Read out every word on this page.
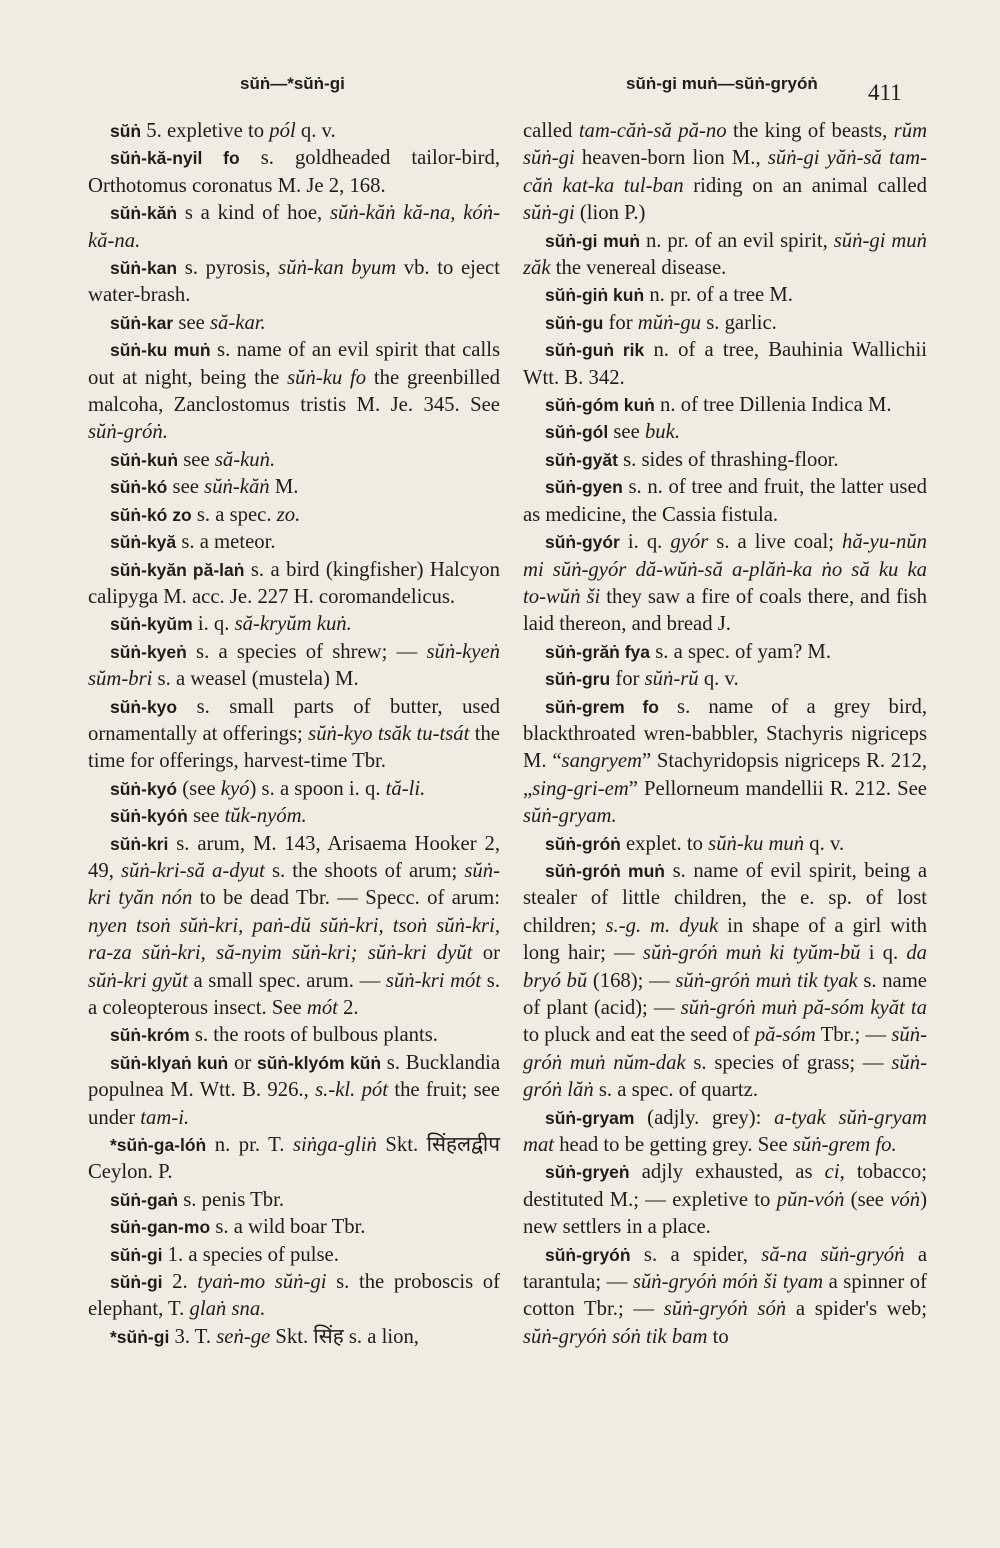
sŭṅ—*sŭṅ-gi	sŭṅ-gi muṅ—sŭṅ-gryóṅ 411

sŭṅ 5. expletive to pól q. v.

sŭṅ-kă-nyil fo s. goldheaded tailor-bird, Orthotomus coronatus M. Je 2, 168.

sŭṅ-kăṅ s a kind of hoe, sŭṅ-kăṅ kă-na, kóṅ-kă-na.

sŭṅ-kan s. pyrosis, sŭṅ-kan byum vb. to eject water-brash.

sŭṅ-kar see să-kar.

sŭṅ-ku muṅ s. name of an evil spirit that calls out at night, being the sŭṅ-ku fo the greenbilled malcoha, Zanclostomus tristis M. Je. 345. See sŭṅ-gróṅ.

sŭṅ-kuṅ see să-kuṅ.

sŭṅ-kó see sŭṅ-kăṅ M.

sŭṅ-kó zo s. a spec. zo.

sŭṅ-kyă s. a meteor.

sŭṅ-kyăn pă-laṅ s. a bird (kingfisher) Halcyon calipyga M. acc. Je. 227 H. coromandelicus.

sŭṅ-kyŭm i. q. să-kryŭm kuṅ.

sŭṅ-kyeṅ s. a species of shrew; — sŭṅ-kyeṅ sŭm-bri s. a weasel (mustela) M.

sŭṅ-kyo s. small parts of butter, used ornamentally at offerings; sŭṅ-kyo tsăk tu-tsát the time for offerings, harvest-time Tbr.

sŭṅ-kyó (see kyó) s. a spoon i. q. tă-li.

sŭṅ-kyóṅ see tŭk-nyóm.

sŭṅ-kri s. arum, M. 143, Arisaema Hooker 2, 49, sŭṅ-kri-să a-dyut s. the shoots of arum; sŭṅ-kri tyăn nón to be dead Tbr. — Specc. of arum: nyen tsoṅ sŭṅ-kri, paṅ-dŭ sŭṅ-kri, tsoṅ sŭṅ-kri, ra-za sŭṅ-kri, să-nyim sŭṅ-kri; sŭṅ-kri dyŭt or sŭṅ-kri gyŭt a small spec. arum. — sŭṅ-kri mót s. a coleopterous insect. See mót 2.

sŭṅ-króm s. the roots of bulbous plants.

sŭṅ-klyaṅ kuṅ or sŭṅ-klyóm kŭṅ s. Bucklandia populnea M. Wtt. B. 926., s.-kl. pót the fruit; see under tam-i.

*sŭṅ-ga-lóṅ n. pr. T. siṅga-gliṅ Skt. सिंहलद्वीप Ceylon. P.

sŭṅ-gaṅ s. penis Tbr.

sŭṅ-gan-mo s. a wild boar Tbr.

sŭṅ-gi 1. a species of pulse.

sŭṅ-gi 2. tyaṅ-mo sŭṅ-gi s. the proboscis of elephant, T. glaṅ sna.

*sŭṅ-gi 3. T. seṅ-ge Skt. सिंह s. a lion,

called tam-căṅ-să pă-no the king of beasts, rŭm sŭṅ-gi heaven-born lion M., sŭṅ-gi yăṅ-să tam-căṅ kat-ka tul-ban riding on an animal called sŭṅ-gi (lion P.)

sŭṅ-gi muṅ n. pr. of an evil spirit, sŭṅ-gi muṅ zăk the venereal disease.

sŭṅ-giṅ kuṅ n. pr. of a tree M.

sŭṅ-gu for mŭṅ-gu s. garlic.

sŭṅ-guṅ rik n. of a tree, Bauhinia Wallichii Wtt. B. 342.

sŭṅ-góm kuṅ n. of tree Dillenia Indica M.

sŭṅ-gól see buk.

sŭṅ-gyăt s. sides of thrashing-floor.

sŭṅ-gyen s. n. of tree and fruit, the latter used as medicine, the Cassia fistula.

sŭṅ-gyór i. q. gyór s. a live coal; hă-yu-nŭn mi sŭṅ-gyór dă-wŭṅ-să a-plăṅ-ka ṅo să ku ka to-wŭṅ ši they saw a fire of coals there, and fish laid thereon, and bread J.

sŭṅ-grăṅ fya s. a spec. of yam? M.

sŭṅ-gru for sŭṅ-rŭ q. v.

sŭṅ-grem fo s. name of a grey bird, blackthroated wren-babbler, Stachyris nigriceps M. “sangryem” Stachyridopsis nigriceps R. 212, „sing-gri-em” Pellorneum mandellii R. 212. See sŭṅ-gryam.

sŭṅ-gróṅ explet. to sŭṅ-ku muṅ q. v.

sŭṅ-gróṅ muṅ s. name of evil spirit, being a stealer of little children, the e. sp. of lost children; s.-g. m. dyuk in shape of a girl with long hair; — sŭṅ-gróṅ muṅ ki tyŭm-bŭ i q. da bryó bŭ (168); — sŭṅ-gróṅ muṅ tik tyak s. name of plant (acid); — sŭṅ-gróṅ muṅ pă-sóm kyăt ta to pluck and eat the seed of pă-sóm Tbr.; — sŭṅ-gróṅ muṅ nŭm-dak s. species of grass; — sŭṅ-gróṅ lăṅ s. a spec. of quartz.

sŭṅ-gryam (adjly. grey): a-tyak sŭṅ-gryam mat head to be getting grey. See sŭṅ-grem fo.

sŭṅ-gryeṅ adjly exhausted, as ci, tobacco; destituted M.; — expletive to pŭn-vóṅ (see vóṅ) new settlers in a place.

sŭṅ-gryóṅ s. a spider, să-na sŭṅ-gryóṅ a tarantula; — sŭṅ-gryóṅ móṅ ši tyam a spinner of cotton Tbr.; — sŭṅ-gryóṅ sóṅ a spider's web; sŭṅ-gryóṅ sóṅ tik bam to
